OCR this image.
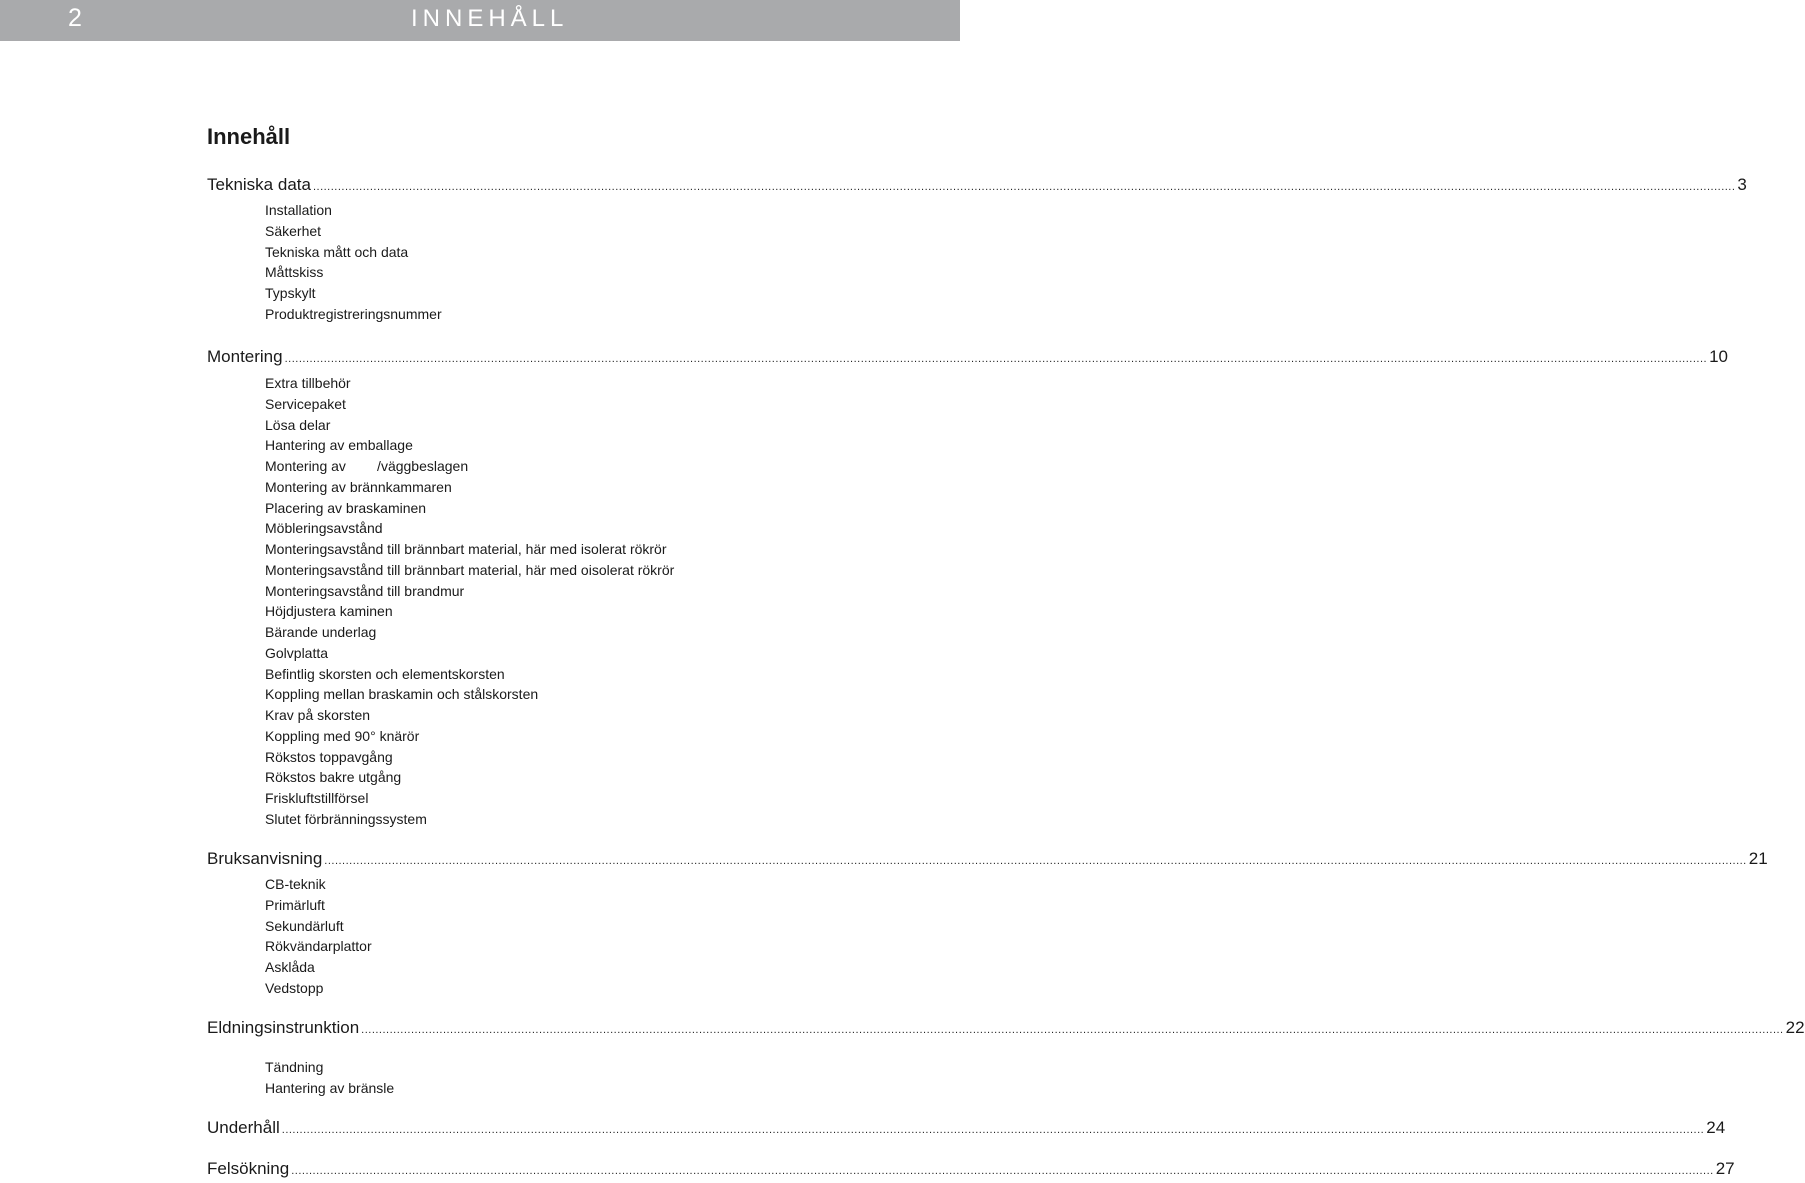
2	INNEHÅLL
Innehåll
Tekniska data ................................................................................................................................................................................................................................................................................................................................................................................................................ 3
Installation
Säkerhet
Tekniska mått och data
Måttskiss
Typskylt
Produktregistreringsnummer
Montering ................................................................................................................................................................................................................................................................................................................................................................................................................ 10
Extra tillbehör
Servicepaket
Lösa delar
Hantering av emballage
Montering av        /väggbeslagen
Montering av brännkammaren
Placering av braskaminen
Möbleringsavstånd
Monteringsavstånd till brännbart material, här med isolerat rökrör
Monteringsavstånd till brännbart material, här med oisolerat rökrör
Monteringsavstånd till brandmur
Höjdjustera kaminen
Bärande underlag
Golvplatta
Befintlig skorsten och elementskorsten
Koppling mellan braskamin och stålskorsten
Krav på skorsten
Koppling med 90° knärör
Rökstos toppavgång
Rökstos bakre utgång
Friskluftstillförsel
Slutet förbränningssystem
Bruksanvisning ................................................................................................................................................................................................................................................................................................................................................................................................................ 21
CB-teknik
Primärluft
Sekundärluft
Rökvändarplattor
Asklåda
Vedstopp
Eldningsinstrunktion ................................................................................................................................................................................................................................................................................................................................................................................................................ 22
Tändning
Hantering av bränsle
Underhåll ................................................................................................................................................................................................................................................................................................................................................................................................................ 24
Felsökning ................................................................................................................................................................................................................................................................................................................................................................................................................ 27
